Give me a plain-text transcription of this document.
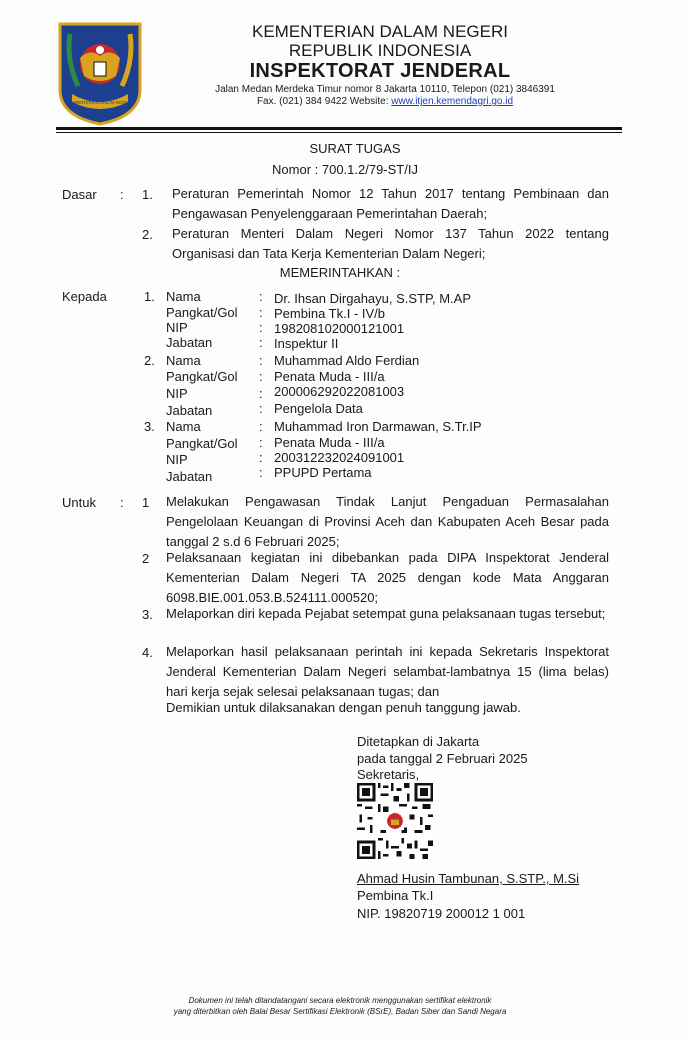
KEMENTERIAN DALAM NEGERI
KEMENTERIAN DALAM NEGERI
REPUBLIK INDONESIA
INSPEKTORAT JENDERAL
Jalan Medan Merdeka Timur nomor 8 Jakarta 10110, Telepon (021) 3846391
Fax. (021) 384 9422 Website: www.itjen.kemendagri.go.id
SURAT TUGAS
Nomor : 700.1.2/79-ST/IJ
Dasar : 1. Peraturan Pemerintah Nomor 12 Tahun 2017 tentang Pembinaan dan Pengawasan Penyelenggaraan Pemerintahan Daerah;
2. Peraturan Menteri Dalam Negeri Nomor 137 Tahun 2022 tentang Organisasi dan Tata Kerja Kementerian Dalam Negeri;
MEMERINTAHKAN :
Kepada	1. Nama
Pangkat/Gol
NIP
Jabatan
:
:
:
:
Dr. Ihsan Dirgahayu, S.STP, M.AP
Pembina Tk.I - IV/b
198208102000121001
Inspektur II
2. Nama
Pangkat/Gol
NIP
Jabatan
:
:
:
:
Muhammad Aldo Ferdian
Penata Muda - III/a
200006292022081003
Pengelola Data
3. Nama
Pangkat/Gol
NIP
Jabatan
:
:
:
:
Muhammad Iron Darmawan, S.Tr.IP
Penata Muda - III/a
200312232024091001
PPUPD Pertama
Untuk : 1 Melakukan Pengawasan Tindak Lanjut Pengaduan Permasalahan Pengelolaan Keuangan di Provinsi Aceh dan Kabupaten Aceh Besar pada tanggal 2 s.d 6 Februari 2025;
2 Pelaksanaan kegiatan ini dibebankan pada DIPA Inspektorat Jenderal Kementerian Dalam Negeri TA 2025 dengan kode Mata Anggaran 6098.BIE.001.053.B.524111.000520;
3. Melaporkan diri kepada Pejabat setempat guna pelaksanaan tugas tersebut;
4. Melaporkan hasil pelaksanaan perintah ini kepada Sekretaris Inspektorat Jenderal Kementerian Dalam Negeri selambat-lambatnya 15 (lima belas) hari kerja sejak selesai pelaksanaan tugas; dan
Demikian untuk dilaksanakan dengan penuh tanggung jawab.
Ditetapkan di Jakarta
pada tanggal 2 Februari 2025
Sekretaris,
Ahmad Husin Tambunan, S.STP., M.Si
Pembina Tk.I
NIP. 19820719 200012 1 001
Dokumen ini telah ditandatangani secara elektronik menggunakan sertifikat elektronik
yang diterbitkan oleh Balai Besar Sertifikasi Elektronik (BSrE), Badan Siber dan Sandi Negara
